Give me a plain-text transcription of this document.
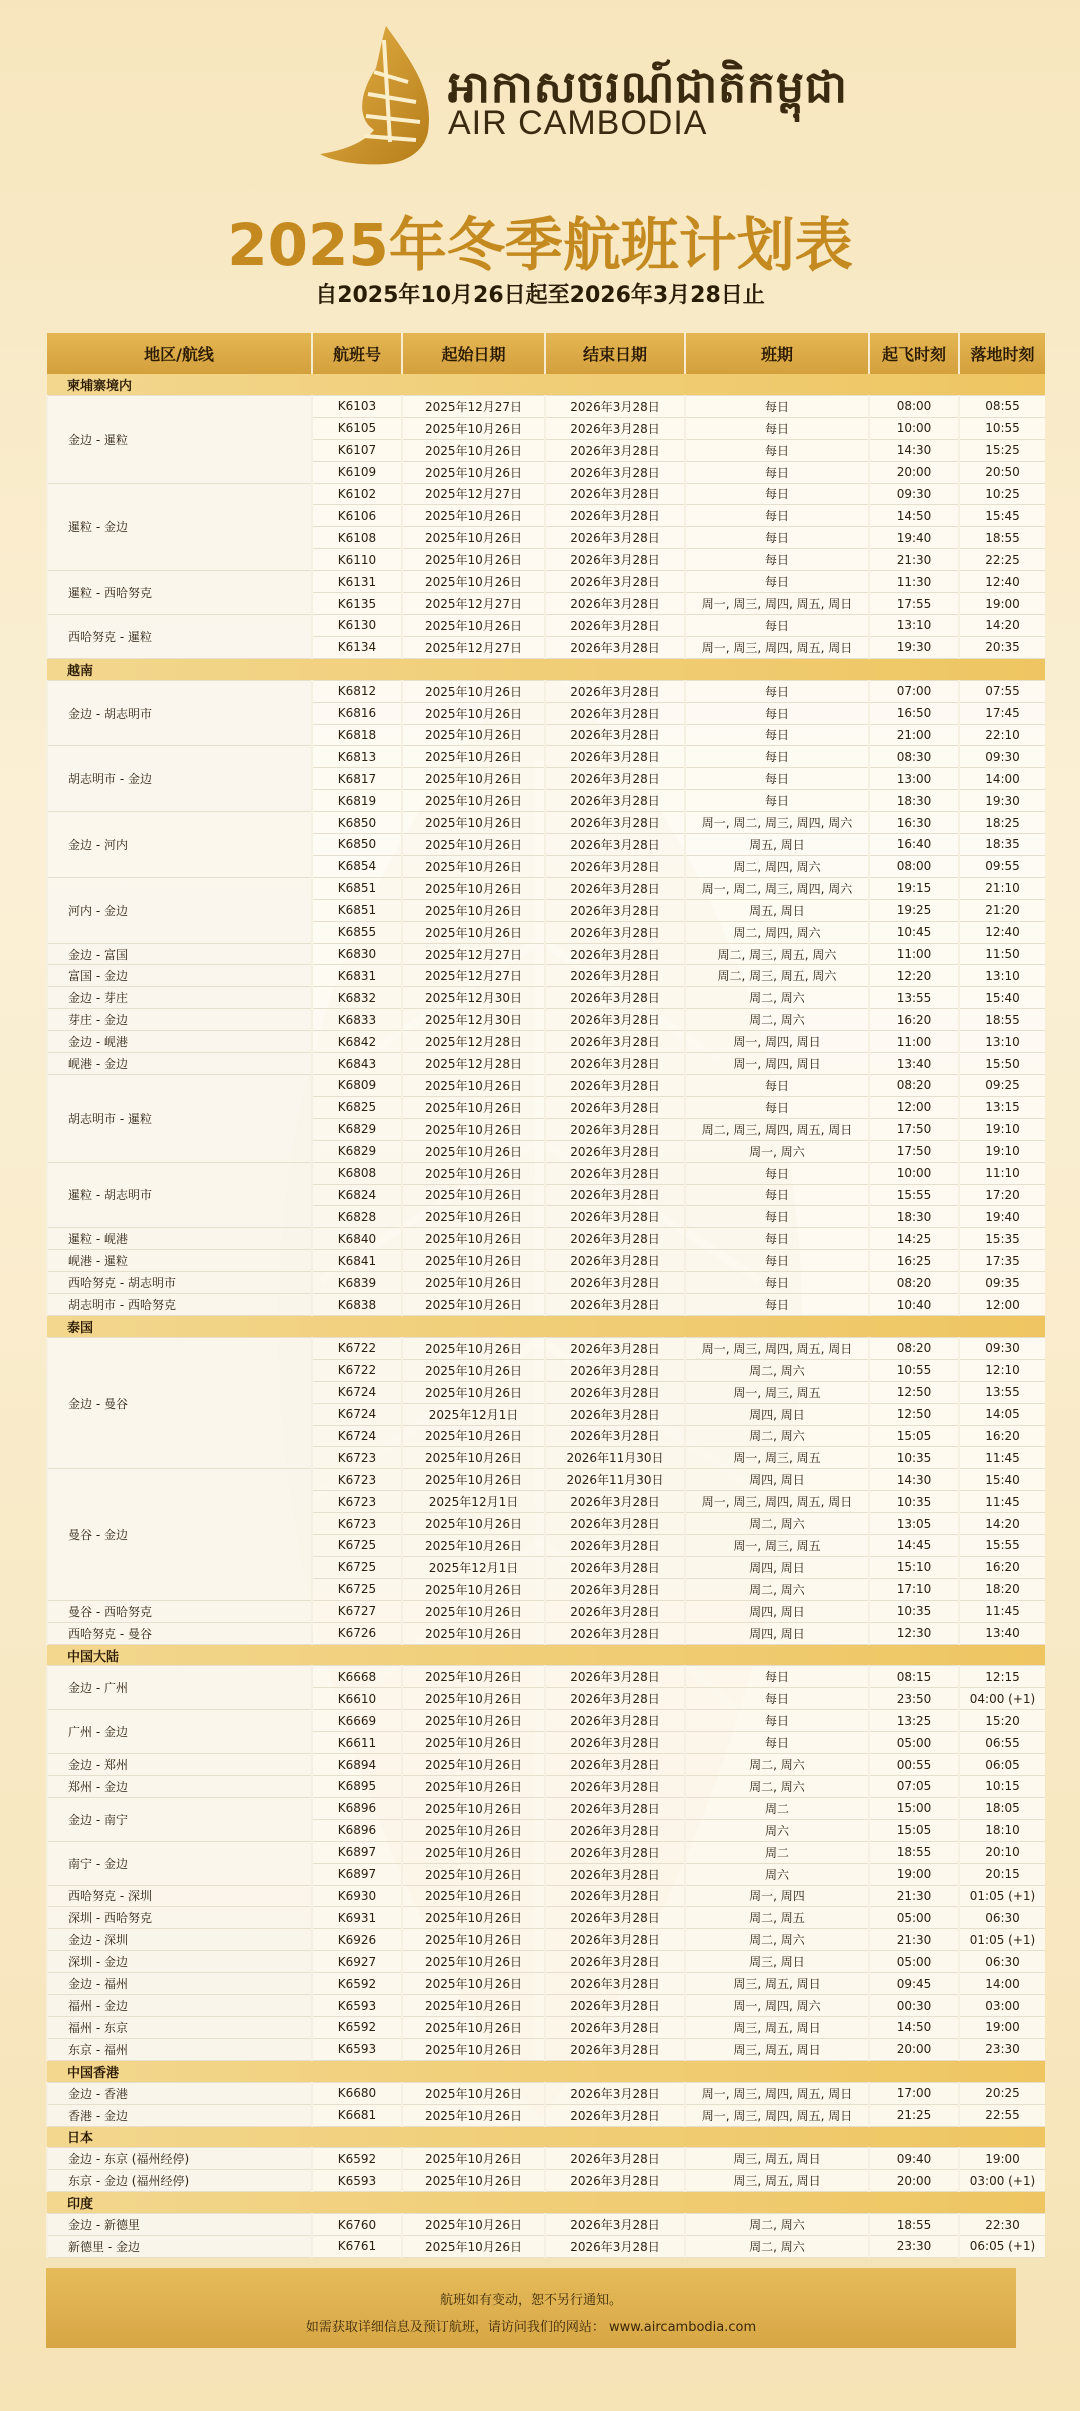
អាកាសចរណ៍ជាតិកម្ពុជា
AIR CAMBODIA
2025年冬季航班计划表
自2025年10月26日起至2026年3月28日止
地区/航线	航班号	起始日期	结束日期	班期	起飞时刻	落地时刻
柬埔寨境内						
金边 - 暹粒	K6103	2025年12月27日	2026年3月28日	每日	08:00	08:55
	K6105	2025年10月26日	2026年3月28日	每日	10:00	10:55
	K6107	2025年10月26日	2026年3月28日	每日	14:30	15:25
	K6109	2025年10月26日	2026年3月28日	每日	20:00	20:50
暹粒 - 金边	K6102	2025年12月27日	2026年3月28日	每日	09:30	10:25
	K6106	2025年10月26日	2026年3月28日	每日	14:50	15:45
	K6108	2025年10月26日	2026年3月28日	每日	19:40	18:55
	K6110	2025年10月26日	2026年3月28日	每日	21:30	22:25
暹粒 - 西哈努克	K6131	2025年10月26日	2026年3月28日	每日	11:30	12:40
	K6135	2025年12月27日	2026年3月28日	周一, 周三, 周四, 周五, 周日	17:55	19:00
西哈努克 - 暹粒	K6130	2025年10月26日	2026年3月28日	每日	13:10	14:20
	K6134	2025年12月27日	2026年3月28日	周一, 周三, 周四, 周五, 周日	19:30	20:35
越南						
金边 - 胡志明市	K6812	2025年10月26日	2026年3月28日	每日	07:00	07:55
	K6816	2025年10月26日	2026年3月28日	每日	16:50	17:45
	K6818	2025年10月26日	2026年3月28日	每日	21:00	22:10
胡志明市 - 金边	K6813	2025年10月26日	2026年3月28日	每日	08:30	09:30
	K6817	2025年10月26日	2026年3月28日	每日	13:00	14:00
	K6819	2025年10月26日	2026年3月28日	每日	18:30	19:30
金边 - 河内	K6850	2025年10月26日	2026年3月28日	周一, 周二, 周三, 周四, 周六	16:30	18:25
	K6850	2025年10月26日	2026年3月28日	周五, 周日	16:40	18:35
	K6854	2025年10月26日	2026年3月28日	周二, 周四, 周六	08:00	09:55
河内 - 金边	K6851	2025年10月26日	2026年3月28日	周一, 周二, 周三, 周四, 周六	19:15	21:10
	K6851	2025年10月26日	2026年3月28日	周五, 周日	19:25	21:20
	K6855	2025年10月26日	2026年3月28日	周二, 周四, 周六	10:45	12:40
金边 - 富国	K6830	2025年12月27日	2026年3月28日	周二, 周三, 周五, 周六	11:00	11:50
富国 - 金边	K6831	2025年12月27日	2026年3月28日	周二, 周三, 周五, 周六	12:20	13:10
金边 - 芽庄	K6832	2025年12月30日	2026年3月28日	周二, 周六	13:55	15:40
芽庄 - 金边	K6833	2025年12月30日	2026年3月28日	周二, 周六	16:20	18:55
金边 - 岘港	K6842	2025年12月28日	2026年3月28日	周一, 周四, 周日	11:00	13:10
岘港 - 金边	K6843	2025年12月28日	2026年3月28日	周一, 周四, 周日	13:40	15:50
胡志明市 - 暹粒	K6809	2025年10月26日	2026年3月28日	每日	08:20	09:25
	K6825	2025年10月26日	2026年3月28日	每日	12:00	13:15
	K6829	2025年10月26日	2026年3月28日	周二, 周三, 周四, 周五, 周日	17:50	19:10
	K6829	2025年10月26日	2026年3月28日	周一, 周六	17:50	19:10
暹粒 - 胡志明市	K6808	2025年10月26日	2026年3月28日	每日	10:00	11:10
	K6824	2025年10月26日	2026年3月28日	每日	15:55	17:20
	K6828	2025年10月26日	2026年3月28日	每日	18:30	19:40
暹粒 - 岘港	K6840	2025年10月26日	2026年3月28日	每日	14:25	15:35
岘港 - 暹粒	K6841	2025年10月26日	2026年3月28日	每日	16:25	17:35
西哈努克 - 胡志明市	K6839	2025年10月26日	2026年3月28日	每日	08:20	09:35
胡志明市 - 西哈努克	K6838	2025年10月26日	2026年3月28日	每日	10:40	12:00
泰国						
金边 - 曼谷	K6722	2025年10月26日	2026年3月28日	周一, 周三, 周四, 周五, 周日	08:20	09:30
	K6722	2025年10月26日	2026年3月28日	周二, 周六	10:55	12:10
	K6724	2025年10月26日	2026年3月28日	周一, 周三, 周五	12:50	13:55
	K6724	2025年12月1日	2026年3月28日	周四, 周日	12:50	14:05
	K6724	2025年10月26日	2026年3月28日	周二, 周六	15:05	16:20
	K6723	2025年10月26日	2026年11月30日	周一, 周三, 周五	10:35	11:45
曼谷 - 金边	K6723	2025年10月26日	2026年11月30日	周四, 周日	14:30	15:40
	K6723	2025年12月1日	2026年3月28日	周一, 周三, 周四, 周五, 周日	10:35	11:45
	K6723	2025年10月26日	2026年3月28日	周二, 周六	13:05	14:20
	K6725	2025年10月26日	2026年3月28日	周一, 周三, 周五	14:45	15:55
	K6725	2025年12月1日	2026年3月28日	周四, 周日	15:10	16:20
	K6725	2025年10月26日	2026年3月28日	周二, 周六	17:10	18:20
曼谷 - 西哈努克	K6727	2025年10月26日	2026年3月28日	周四, 周日	10:35	11:45
西哈努克 - 曼谷	K6726	2025年10月26日	2026年3月28日	周四, 周日	12:30	13:40
中国大陆						
金边 - 广州	K6668	2025年10月26日	2026年3月28日	每日	08:15	12:15
	K6610	2025年10月26日	2026年3月28日	每日	23:50	04:00 (+1)
广州 - 金边	K6669	2025年10月26日	2026年3月28日	每日	13:25	15:20
	K6611	2025年10月26日	2026年3月28日	每日	05:00	06:55
金边 - 郑州	K6894	2025年10月26日	2026年3月28日	周二, 周六	00:55	06:05
郑州 - 金边	K6895	2025年10月26日	2026年3月28日	周二, 周六	07:05	10:15
金边 - 南宁	K6896	2025年10月26日	2026年3月28日	周二	15:00	18:05
	K6896	2025年10月26日	2026年3月28日	周六	15:05	18:10
南宁 - 金边	K6897	2025年10月26日	2026年3月28日	周二	18:55	20:10
	K6897	2025年10月26日	2026年3月28日	周六	19:00	20:15
西哈努克 - 深圳	K6930	2025年10月26日	2026年3月28日	周一, 周四	21:30	01:05 (+1)
深圳 - 西哈努克	K6931	2025年10月26日	2026年3月28日	周二, 周五	05:00	06:30
金边 - 深圳	K6926	2025年10月26日	2026年3月28日	周二, 周六	21:30	01:05 (+1)
深圳 - 金边	K6927	2025年10月26日	2026年3月28日	周三, 周日	05:00	06:30
金边 - 福州	K6592	2025年10月26日	2026年3月28日	周三, 周五, 周日	09:45	14:00
福州 - 金边	K6593	2025年10月26日	2026年3月28日	周一, 周四, 周六	00:30	03:00
福州 - 东京	K6592	2025年10月26日	2026年3月28日	周三, 周五, 周日	14:50	19:00
东京 - 福州	K6593	2025年10月26日	2026年3月28日	周三, 周五, 周日	20:00	23:30
中国香港						
金边 - 香港	K6680	2025年10月26日	2026年3月28日	周一, 周三, 周四, 周五, 周日	17:00	20:25
香港 - 金边	K6681	2025年10月26日	2026年3月28日	周一, 周三, 周四, 周五, 周日	21:25	22:55
日本						
金边 - 东京 (福州经停)	K6592	2025年10月26日	2026年3月28日	周三, 周五, 周日	09:40	19:00
东京 - 金边 (福州经停)	K6593	2025年10月26日	2026年3月28日	周三, 周五, 周日	20:00	03:00 (+1)
印度						
金边 - 新德里	K6760	2025年10月26日	2026年3月28日	周二, 周六	18:55	22:30
新德里 - 金边	K6761	2025年10月26日	2026年3月28日	周二, 周六	23:30	06:05 (+1)
航班如有变动，恕不另行通知。
如需获取详细信息及预订航班，请访问我们的网站： www.aircambodia.com
